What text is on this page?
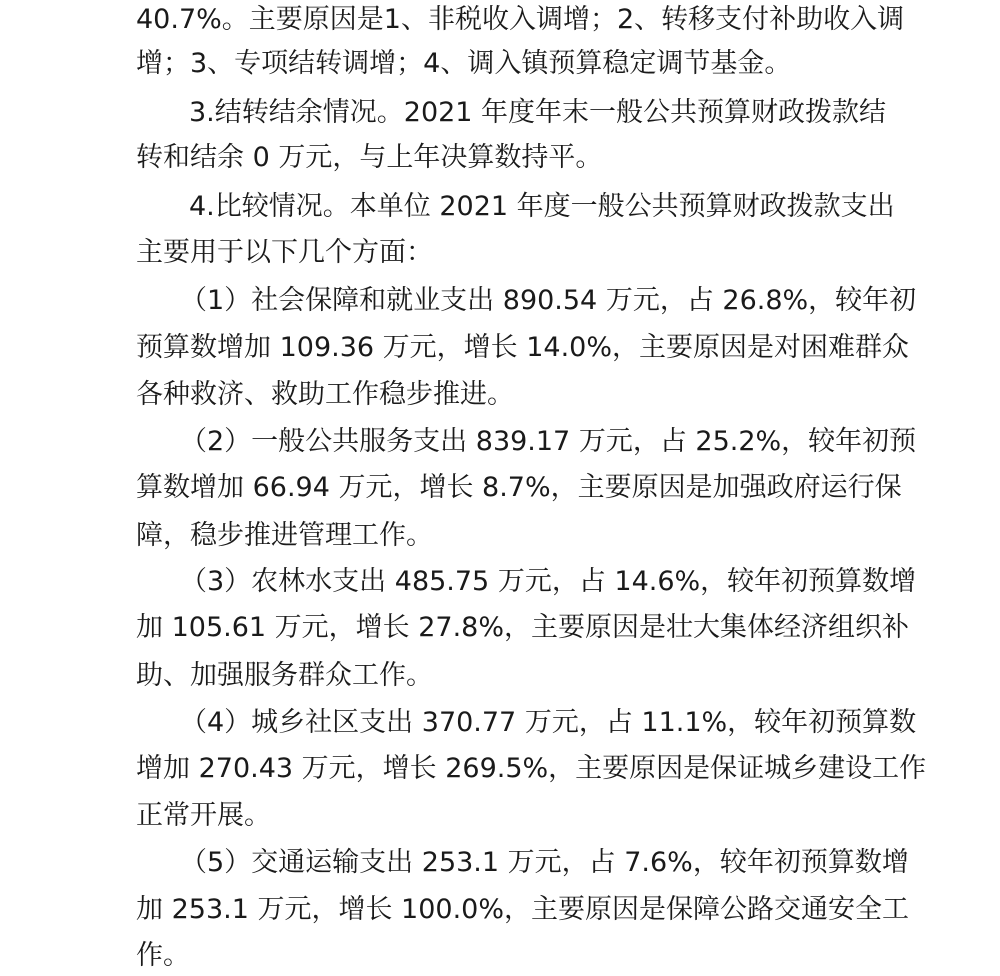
40.7%。主要原因是1、非税收入调增；2、转移支付补助收入调
增；3、专项结转调增；4、调入镇预算稳定调节基金。
3.结转结余情况。2021 年度年末一般公共预算财政拨款结
转和结余 0 万元，与上年决算数持平。
4.比较情况。本单位 2021 年度一般公共预算财政拨款支出
主要用于以下几个方面：
（1）社会保障和就业支出 890.54 万元，占 26.8%，较年初
预算数增加 109.36 万元，增长 14.0%，主要原因是对困难群众
各种救济、救助工作稳步推进。
（2）一般公共服务支出 839.17 万元，占 25.2%，较年初预
算数增加 66.94 万元，增长 8.7%，主要原因是加强政府运行保
障，稳步推进管理工作。
（3）农林水支出 485.75 万元，占 14.6%，较年初预算数增
加 105.61 万元，增长 27.8%，主要原因是壮大集体经济组织补
助、加强服务群众工作。
（4）城乡社区支出 370.77 万元，占 11.1%，较年初预算数
增加 270.43 万元，增长 269.5%，主要原因是保证城乡建设工作
正常开展。
（5）交通运输支出 253.1 万元，占 7.6%，较年初预算数增
加 253.1 万元，增长 100.0%，主要原因是保障公路交通安全工
作。
